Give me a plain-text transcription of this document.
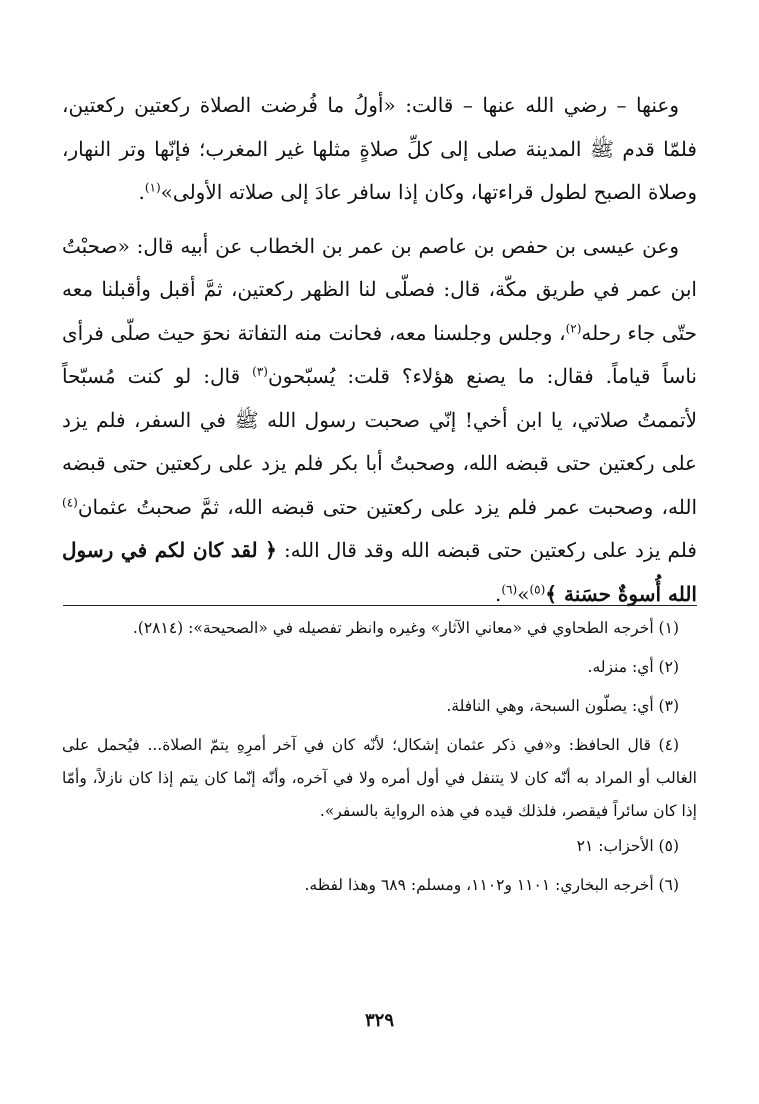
وعنها – رضي الله عنها – قالت: «أولُ ما فُرضت الصلاة ركعتين ركعتين، فلمّا قدم ﷺ المدينة صلى إلى كلِّ صلاةٍ مثلها غير المغرب؛ فإنّها وتر النهار، وصلاة الصبح لطول قراءتها، وكان إذا سافر عادَ إلى صلاته الأولى»$^{(١)}$.

وعن عيسى بن حفص بن عاصم بن عمر بن الخطاب عن أبيه قال: «صحبْتُ ابن عمر في طريق مكّة، قال: فصلّى لنا الظهر ركعتين، ثمَّ أقبل وأقبلنا معه حتّى جاء رحله$^{(٢)}$، وجلس وجلسنا معه، فحانت منه التفاتة نحوَ حيث صلّى فرأى ناساً قياماً. فقال: ما يصنع هؤلاء؟ قلت: يُسبّحون$^{(٣)}$ قال: لو كنت مُسبّحاً لأتممتُ صلاتي، يا ابن أخي! إنّي صحبت رسول الله ﷺ في السفر، فلم يزد على ركعتين حتى قبضه الله، وصحبتُ أبا بكر فلم يزد على ركعتين حتى قبضه الله، وصحبت عمر فلم يزد على ركعتين حتى قبضه الله، ثمَّ صحبتُ عثمان$^{(٤)}$ فلم يزد على ركعتين حتى قبضه الله وقد قال الله: ﴿ لقد كان لكم في رسول الله أُسوةٌ حسَنة ﴾$^{(٥)}$»$^{(٦)}$.

(١) أخرجه الطحاوي في «معاني الآثار» وغيره وانظر تفصيله في «الصحيحة»: (٢٨١٤).

(٢) أي: منزله.

(٣) أي: يصلّون السبحة، وهي النافلة.

(٤) قال الحافظ: و«في ذكر عثمان إشكال؛ لأنّه كان في آخر أمرِهِ يتمّ الصلاة... فيُحمل على الغالب أو المراد به أنّه كان لا يتنفل في أول أمره ولا في آخره، وأنّه إنّما كان يتم إذا كان نازلاً، وأمّا إذا كان سائراً فيقصر، فلذلك قيده في هذه الرواية بالسفر».

(٥) الأحزاب: ٢١

(٦) أخرجه البخاري: ١١٠١ و١١٠٢، ومسلم: ٦٨٩ وهذا لفظه.

٣٢٩
